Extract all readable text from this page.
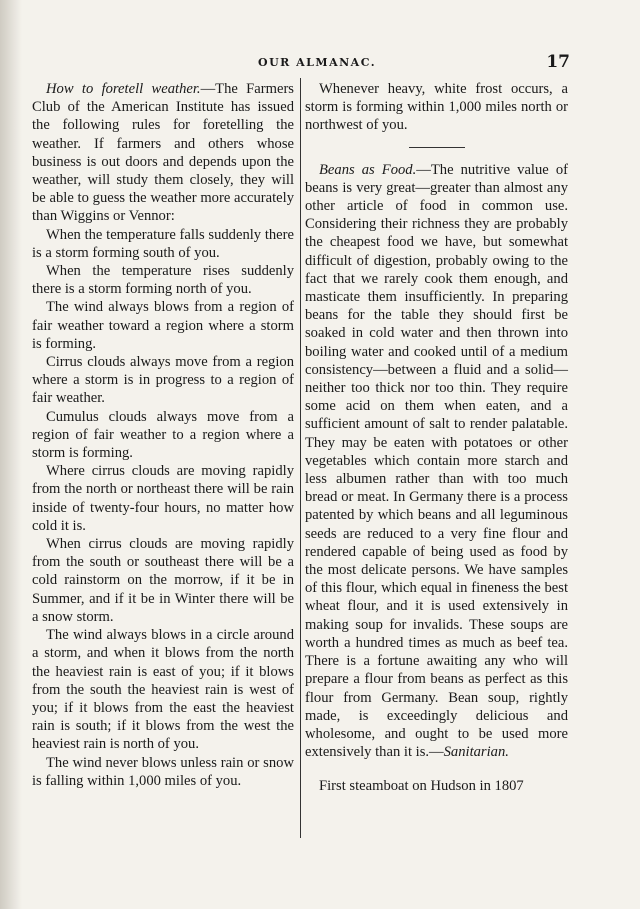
OUR ALMANAC.	17

How to foretell weather.—The Farmers Club of the American Institute has issued the following rules for foretelling the weather. If farmers and others whose business is out doors and depends upon the weather, will study them closely, they will be able to guess the weather more accurately than Wiggins or Vennor:

When the temperature falls suddenly there is a storm forming south of you.

When the temperature rises suddenly there is a storm forming north of you.

The wind always blows from a region of fair weather toward a region where a storm is forming.

Cirrus clouds always move from a region where a storm is in progress to a region of fair weather.

Cumulus clouds always move from a region of fair weather to a region where a storm is forming.

Where cirrus clouds are moving rapidly from the north or northeast there will be rain inside of twenty-four hours, no matter how cold it is.

When cirrus clouds are moving rapidly from the south or southeast there will be a cold rainstorm on the morrow, if it be in Summer, and if it be in Winter there will be a snow storm.

The wind always blows in a circle around a storm, and when it blows from the north the heaviest rain is east of you; if it blows from the south the heaviest rain is west of you; if it blows from the east the heaviest rain is south; if it blows from the west the heaviest rain is north of you.

The wind never blows unless rain or snow is falling within 1,000 miles of you.

Whenever heavy, white frost occurs, a storm is forming within 1,000 miles north or northwest of you.

Beans as Food.—The nutritive value of beans is very great—greater than almost any other article of food in common use. Considering their richness they are probably the cheapest food we have, but somewhat difficult of digestion, probably owing to the fact that we rarely cook them enough, and masticate them insufficiently. In preparing beans for the table they should first be soaked in cold water and then thrown into boiling water and cooked until of a medium consistency—between a fluid and a solid—neither too thick nor too thin. They require some acid on them when eaten, and a sufficient amount of salt to render palatable. They may be eaten with potatoes or other vegetables which contain more starch and less albumen rather than with too much bread or meat. In Germany there is a process patented by which beans and all leguminous seeds are reduced to a very fine flour and rendered capable of being used as food by the most delicate persons. We have samples of this flour, which equal in fineness the best wheat flour, and it is used extensively in making soup for invalids. These soups are worth a hundred times as much as beef tea. There is a fortune awaiting any who will prepare a flour from beans as perfect as this flour from Germany. Bean soup, rightly made, is exceedingly delicious and wholesome, and ought to be used more extensively than it is.—Sanitarian.

First steamboat on Hudson in 1807
